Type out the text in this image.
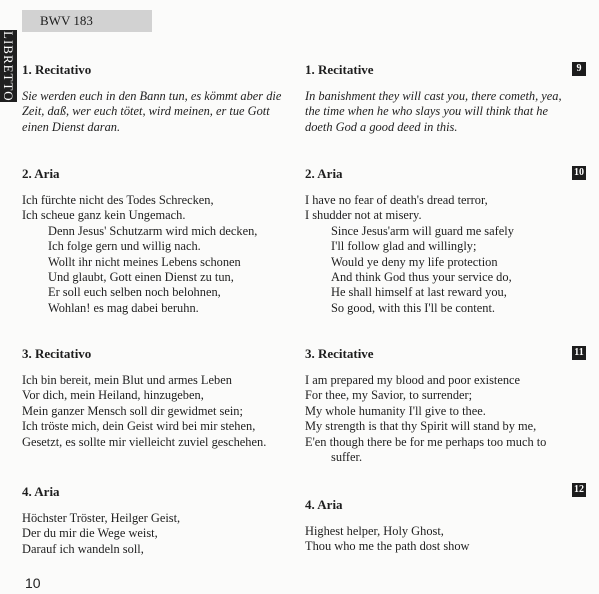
BWV 183
LIBRETTO 1. Recitativo
Sie werden euch in den Bann tun, es kömmt aber die
Zeit, daß, wer euch tötet, wird meinen, er tue Gott
einen Dienst daran.
2. Aria
Ich fürchte nicht des Todes Schrecken,
Ich scheue ganz kein Ungemach.
Denn Jesus' Schutzarm wird mich decken,
Ich folge gern und willig nach.
Wollt ihr nicht meines Lebens schonen
Und glaubt, Gott einen Dienst zu tun,
Er soll euch selben noch belohnen,
Wohlan! es mag dabei beruhn.
3. Recitativo
Ich bin bereit, mein Blut und armes Leben
Vor dich, mein Heiland, hinzugeben,
Mein ganzer Mensch soll dir gewidmet sein;
Ich tröste mich, dein Geist wird bei mir stehen,
Gesetzt, es sollte mir vielleicht zuviel geschehen.
4. Aria
Höchster Tröster, Heilger Geist,
Der du mir die Wege weist,
Darauf ich wandeln soll,
1. Recitative
In banishment they will cast you, there cometh, yea,
the time when he who slays you will think that he
doeth God a good deed in this.
2. Aria
I have no fear of death's dread terror,
I shudder not at misery.
Since Jesus'arm will guard me safely
I'll follow glad and willingly;
Would ye deny my life protection
And think God thus your service do,
He shall himself at last reward you,
So good, with this I'll be content.
3. Recitative
I am prepared my blood and poor existence
For thee, my Savior, to surrender;
My whole humanity I'll give to thee.
My strength is that thy Spirit will stand by me,
E'en though there be for me perhaps too much to
suffer.
4. Aria
Highest helper, Holy Ghost,
Thou who me the path dost show
9
10
11
12
10
